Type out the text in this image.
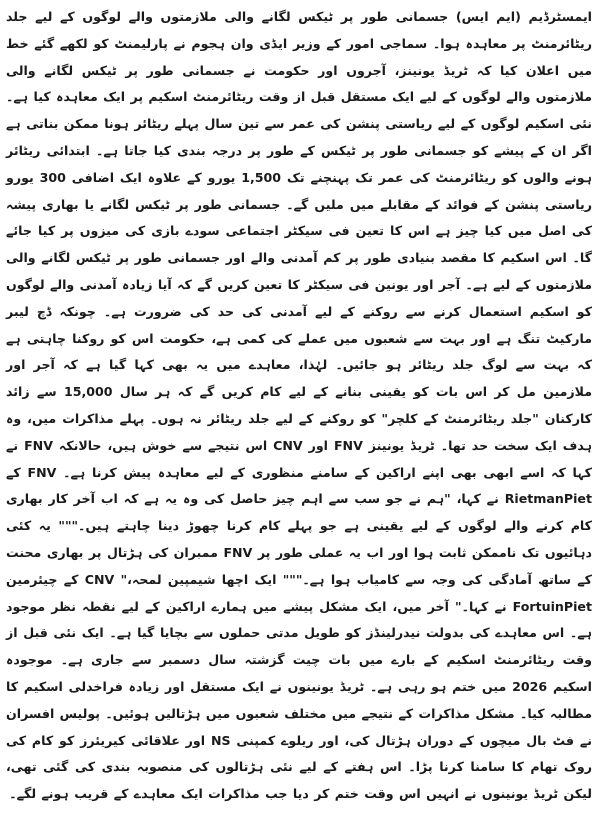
ایمسٹرڈیم (ایم ایس) جسمانی طور پر ٹیکس لگانے والی ملازمتوں والے لوگوں کے لیے جلد ریٹائرمنٹ پر معاہدہ ہوا۔ سماجی امور کے وزیر ایڈی وان ہجوم نے پارلیمنٹ کو لکھے گئے خط میں اعلان کیا کہ ٹریڈ یونینز، آجروں اور حکومت نے جسمانی طور پر ٹیکس لگانے والی ملازمتوں والے لوگوں کے لیے ایک مستقل قبل از وقت ریٹائرمنٹ اسکیم پر ایک معاہدہ کیا ہے۔ نئی اسکیم لوگوں کے لیے ریاستی پنشن کی عمر سے تین سال پہلے ریٹائر ہونا ممکن بناتی ہے اگر ان کے پیشے کو جسمانی طور پر ٹیکس کے طور پر درجہ بندی کیا جاتا ہے۔ ابتدائی ریٹائر ہونے والوں کو ریٹائرمنٹ کی عمر تک پہنچنے تک 1,500 یورو کے علاوہ ایک اضافی 300 یورو ریاستی پنشن کے فوائد کے مقابلے میں ملیں گے۔ جسمانی طور پر ٹیکس لگانے یا بھاری پیشہ کی اصل میں کیا چیز ہے اس کا تعین فی سیکٹر اجتماعی سودے بازی کی میزوں پر کیا جائے گا۔ اس اسکیم کا مقصد بنیادی طور پر کم آمدنی والے اور جسمانی طور پر ٹیکس لگانے والی ملازمتوں کے لیے ہے۔ آجر اور یونین فی سیکٹر کا تعین کریں گے کہ آیا زیادہ آمدنی والے لوگوں کو اسکیم استعمال کرنے سے روکنے کے لیے آمدنی کی حد کی ضرورت ہے۔ چونکہ ڈچ لیبر مارکیٹ تنگ ہے اور بہت سے شعبوں میں عملے کی کمی ہے، حکومت اس کو روکنا چاہتی ہے کہ بہت سے لوگ جلد ریٹائر ہو جائیں۔ لہٰذا، معاہدے میں یہ بھی کہا گیا ہے کہ آجر اور ملازمین مل کر اس بات کو یقینی بنانے کے لیے کام کریں گے کہ ہر سال 15,000 سے زائد کارکنان "جلد ریٹائرمنٹ کے کلچر" کو روکنے کے لیے جلد ریٹائر نہ ہوں۔ پہلے مذاکرات میں، وہ ہدف ایک سخت حد تھا۔ ٹریڈ یونینز FNV اور CNV اس نتیجے سے خوش ہیں، حالانکہ FNV نے کہا کہ اسے ابھی بھی اپنے اراکین کے سامنے منظوری کے لیے معاہدہ پیش کرنا ہے۔ FNV کے RietmanPiet نے کہا، "ہم نے جو سب سے اہم چیز حاصل کی وہ یہ ہے کہ اب آخر کار بھاری کام کرنے والے لوگوں کے لیے یقینی ہے جو پہلے کام کرنا چھوڑ دینا چاہتے ہیں۔""" یہ کئی دہائیوں تک ناممکن ثابت ہوا اور اب یہ عملی طور پر FNV ممبران کی ہڑتال پر بھاری محنت کے ساتھ آمادگی کی وجہ سے کامیاب ہوا ہے۔""" ایک اچھا شیمپین لمحہ،" CNV کے چیئرمین FortuinPiet نے کہا۔" آخر میں، ایک مشکل پیشے میں ہمارے اراکین کے لیے نقطہ نظر موجود ہے۔ اس معاہدے کی بدولت نیدرلینڈز کو طویل مدتی حملوں سے بچایا گیا ہے۔ ایک نئی قبل از وقت ریٹائرمنٹ اسکیم کے بارے میں بات چیت گزشتہ سال دسمبر سے جاری ہے۔ موجودہ اسکیم 2026 میں ختم ہو رہی ہے۔ ٹریڈ یونینوں نے ایک مستقل اور زیادہ فراخدلی اسکیم کا مطالبہ کیا۔ مشکل مذاکرات کے نتیجے میں مختلف شعبوں میں ہڑتالیں ہوئیں۔ پولیس افسران نے فٹ بال میچوں کے دوران ہڑتال کی، اور ریلوے کمپنی NS اور علاقائی کیریئرز کو کام کی روک تھام کا سامنا کرنا پڑا۔ اس ہفتے کے لیے نئی ہڑتالوں کی منصوبہ بندی کی گئی تھی، لیکن ٹریڈ یونینوں نے انہیں اس وقت ختم کر دیا جب مذاکرات ایک معاہدے کے قریب ہونے لگے۔
